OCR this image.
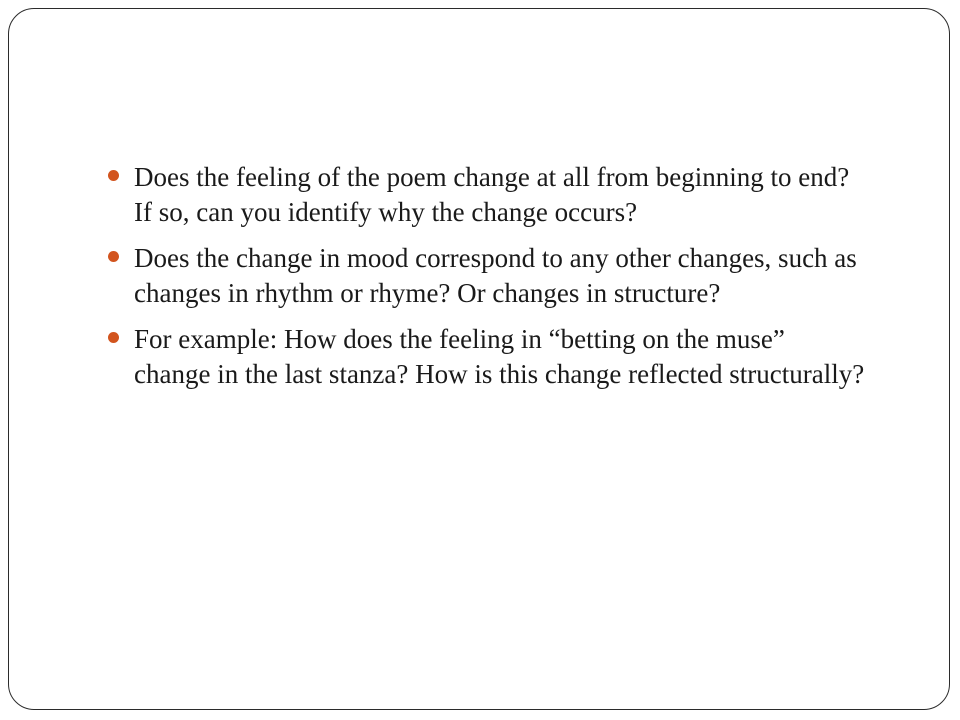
Does the feeling of the poem change at all from beginning to end? If so, can you identify why the change occurs?
Does the change in mood correspond to any other changes, such as changes in rhythm or rhyme? Or changes in structure?
For example: How does the feeling in “betting on the muse” change in the last stanza? How is this change reflected structurally?
